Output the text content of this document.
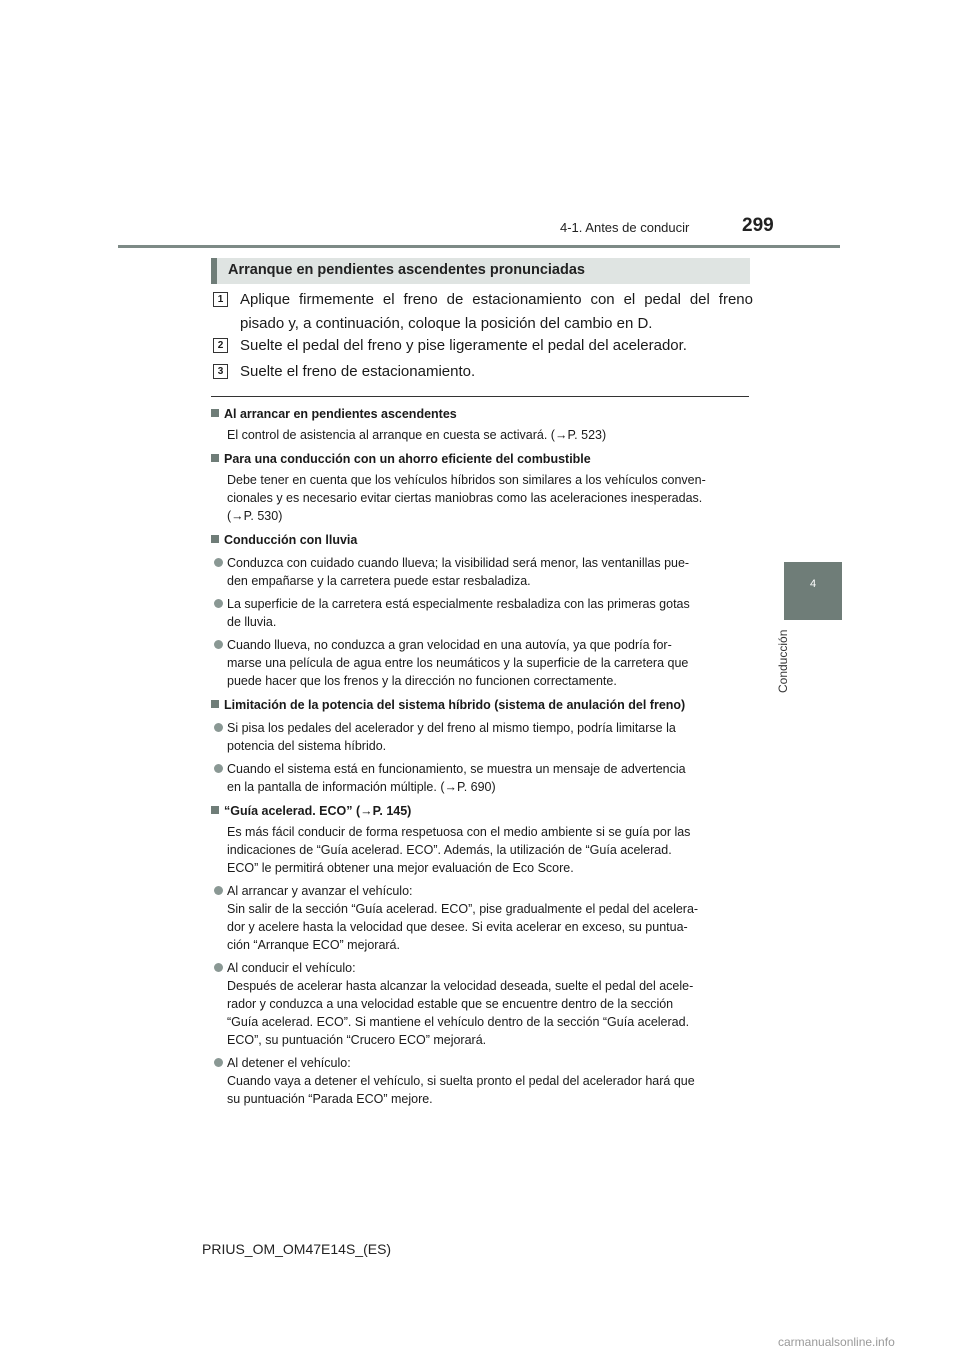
4-1. Antes de conducir	299
4
Conducción
Arranque en pendientes ascendentes pronunciadas
1	Aplique firmemente el freno de estacionamiento con el pedal del freno pisado y, a continuación, coloque la posición del cambio en D.
2	Suelte el pedal del freno y pise ligeramente el pedal del acelerador.
3	Suelte el freno de estacionamiento.
Al arrancar en pendientes ascendentes
El control de asistencia al arranque en cuesta se activará. (→P. 523)
Para una conducción con un ahorro eficiente del combustible
Debe tener en cuenta que los vehículos híbridos son similares a los vehículos conven-
cionales y es necesario evitar ciertas maniobras como las aceleraciones inesperadas.
(→P. 530)
Conducción con lluvia
Conduzca con cuidado cuando llueva; la visibilidad será menor, las ventanillas pue-
den empañarse y la carretera puede estar resbaladiza.
La superficie de la carretera está especialmente resbaladiza con las primeras gotas
de lluvia.
Cuando llueva, no conduzca a gran velocidad en una autovía, ya que podría for-
marse una película de agua entre los neumáticos y la superficie de la carretera que
puede hacer que los frenos y la dirección no funcionen correctamente.
Limitación de la potencia del sistema híbrido (sistema de anulación del freno)
Si pisa los pedales del acelerador y del freno al mismo tiempo, podría limitarse la
potencia del sistema híbrido.
Cuando el sistema está en funcionamiento, se muestra un mensaje de advertencia
en la pantalla de información múltiple. (→P. 690)
“Guía acelerad. ECO” (→P. 145)
Es más fácil conducir de forma respetuosa con el medio ambiente si se guía por las
indicaciones de “Guía acelerad. ECO”. Además, la utilización de “Guía acelerad.
ECO” le permitirá obtener una mejor evaluación de Eco Score.
Al arrancar y avanzar el vehículo:
Sin salir de la sección “Guía acelerad. ECO”, pise gradualmente el pedal del acelera-
dor y acelere hasta la velocidad que desee. Si evita acelerar en exceso, su puntua-
ción “Arranque ECO” mejorará.
Al conducir el vehículo:
Después de acelerar hasta alcanzar la velocidad deseada, suelte el pedal del acele-
rador y conduzca a una velocidad estable que se encuentre dentro de la sección
“Guía acelerad. ECO”. Si mantiene el vehículo dentro de la sección “Guía acelerad.
ECO”, su puntuación “Crucero ECO” mejorará.
Al detener el vehículo:
Cuando vaya a detener el vehículo, si suelta pronto el pedal del acelerador hará que
su puntuación “Parada ECO” mejore.
PRIUS_OM_OM47E14S_(ES)
carmanualsonline.info
